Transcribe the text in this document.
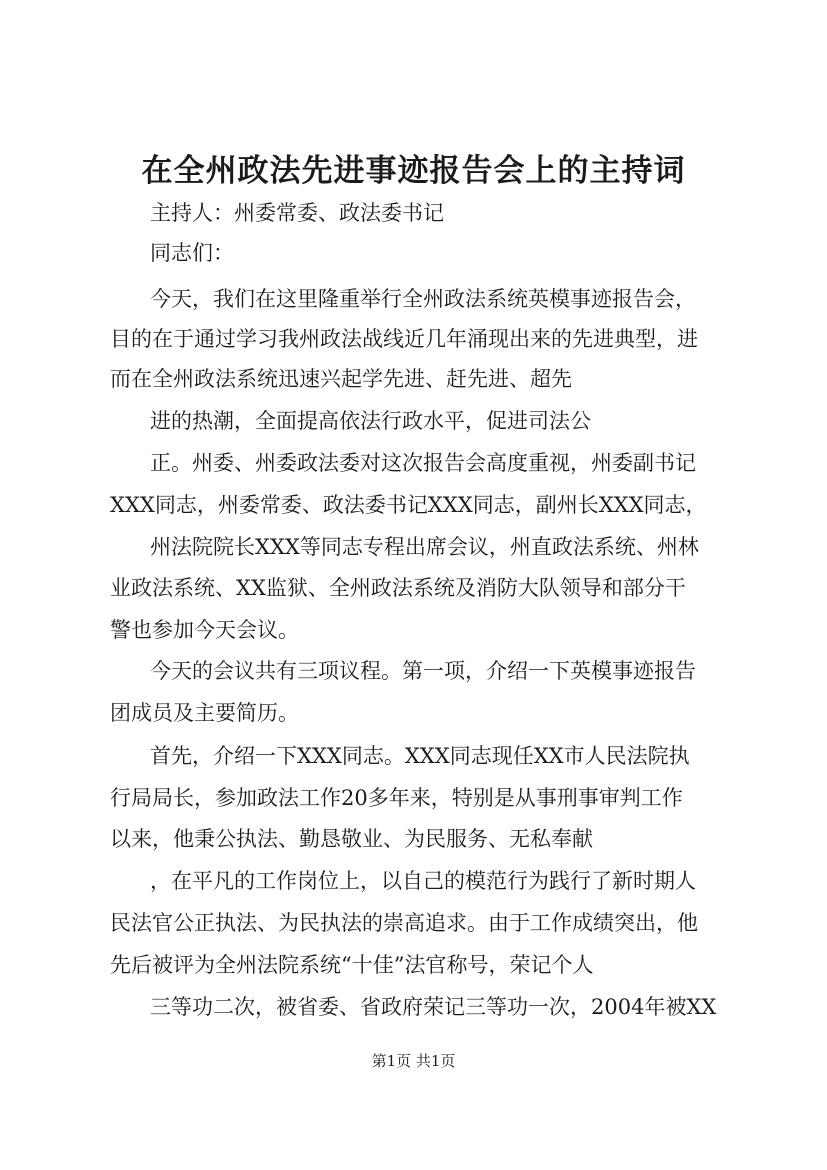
在全州政法先进事迹报告会上的主持词
主持人：州委常委、政法委书记
同志们：
今天，我们在这里隆重举行全州政法系统英模事迹报告会，
目的在于通过学习我州政法战线近几年涌现出来的先进典型，进
而在全州政法系统迅速兴起学先进、赶先进、超先
进的热潮，全面提高依法行政水平，促进司法公
正。州委、州委政法委对这次报告会高度重视，州委副书记
XXX同志，州委常委、政法委书记XXX同志，副州长XXX同志，
州法院院长XXX等同志专程出席会议，州直政法系统、州林
业政法系统、XX监狱、全州政法系统及消防大队领导和部分干
警也参加今天会议。
今天的会议共有三项议程。第一项，介绍一下英模事迹报告
团成员及主要简历。
首先，介绍一下XXX同志。XXX同志现任XX市人民法院执
行局局长，参加政法工作20多年来，特别是从事刑事审判工作
以来，他秉公执法、勤恳敬业、为民服务、无私奉献
，在平凡的工作岗位上，以自己的模范行为践行了新时期人
民法官公正执法、为民执法的崇高追求。由于工作成绩突出，他
先后被评为全州法院系统“十佳”法官称号，荣记个人
三等功二次，被省委、省政府荣记三等功一次，2004年被XX
第1页 共1页
